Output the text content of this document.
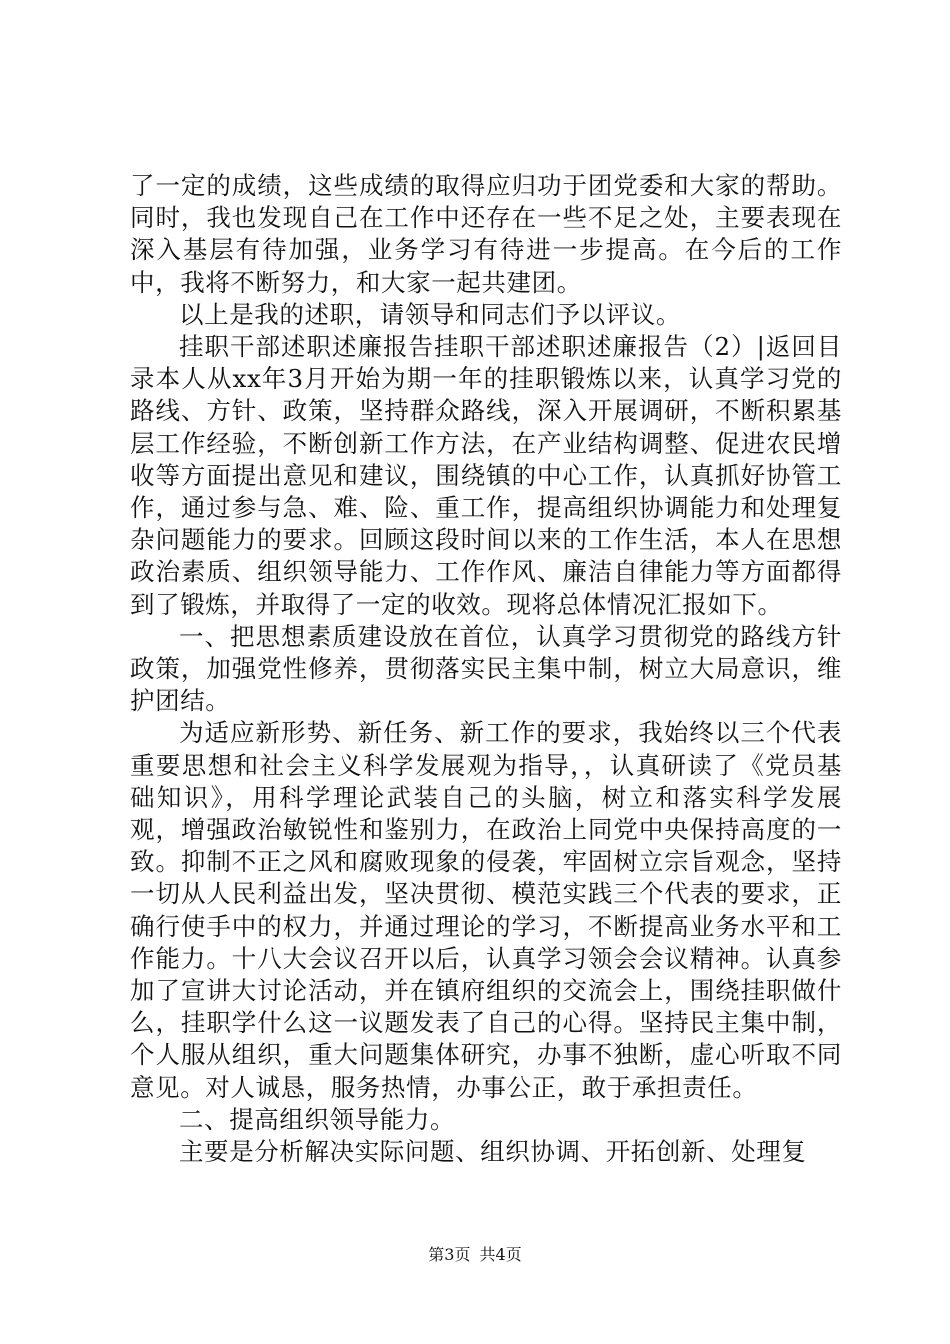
了一定的成绩，这些成绩的取得应归功于团党委和大家的帮助。同时，我也发现自己在工作中还存在一些不足之处，主要表现在深入基层有待加强，业务学习有待进一步提高。在今后的工作中，我将不断努力，和大家一起共建团。

以上是我的述职，请领导和同志们予以评议。

挂职干部述职述廉报告挂职干部述职述廉报告（2）|返回目录本人从xx年3月开始为期一年的挂职锻炼以来，认真学习党的路线、方针、政策，坚持群众路线，深入开展调研，不断积累基层工作经验，不断创新工作方法，在产业结构调整、促进农民增收等方面提出意见和建议，围绕镇的中心工作，认真抓好协管工作，通过参与急、难、险、重工作，提高组织协调能力和处理复杂问题能力的要求。回顾这段时间以来的工作生活，本人在思想政治素质、组织领导能力、工作作风、廉洁自律能力等方面都得到了锻炼，并取得了一定的收效。现将总体情况汇报如下。

一、把思想素质建设放在首位，认真学习贯彻党的路线方针政策，加强党性修养，贯彻落实民主集中制，树立大局意识，维护团结。

为适应新形势、新任务、新工作的要求，我始终以三个代表重要思想和社会主义科学发展观为指导，，认真研读了《党员基础知识》，用科学理论武装自己的头脑，树立和落实科学发展观，增强政治敏锐性和鉴别力，在政治上同党中央保持高度的一致。抑制不正之风和腐败现象的侵袭，牢固树立宗旨观念，坚持一切从人民利益出发，坚决贯彻、模范实践三个代表的要求，正确行使手中的权力，并通过理论的学习，不断提高业务水平和工作能力。十八大会议召开以后，认真学习领会会议精神。认真参加了宣讲大讨论活动，并在镇府组织的交流会上，围绕挂职做什么，挂职学什么这一议题发表了自己的心得。坚持民主集中制，个人服从组织，重大问题集体研究，办事不独断，虚心听取不同意见。对人诚恳，服务热情，办事公正，敢于承担责任。

二、提高组织领导能力。

主要是分析解决实际问题、组织协调、开拓创新、处理复

第3页 共4页
